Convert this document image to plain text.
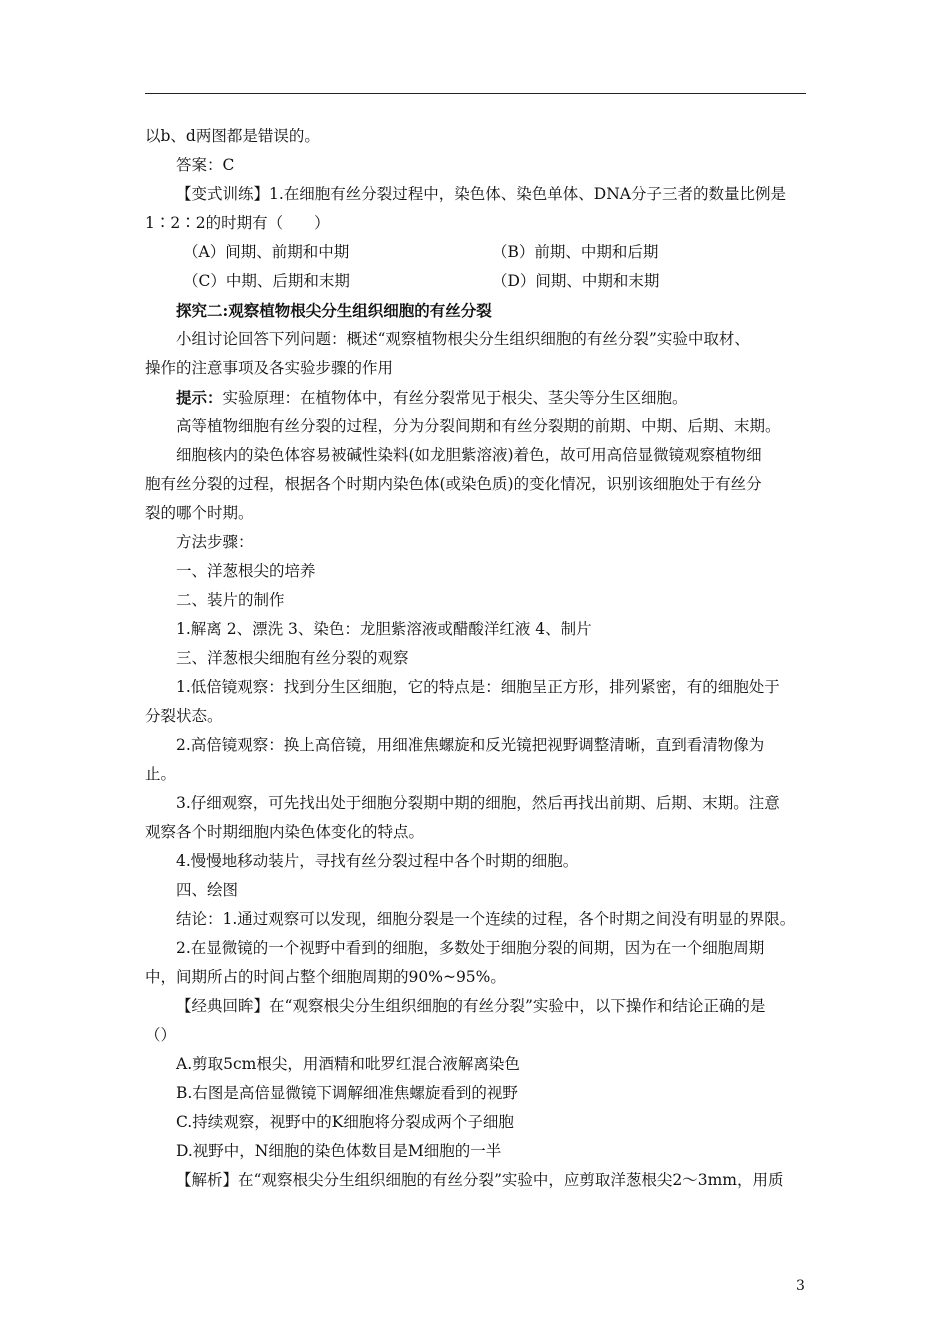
以b、d两图都是错误的。
答案：C
【变式训练】1.在细胞有丝分裂过程中，染色体、染色单体、DNA分子三者的数量比例是
1∶2∶2的时期有（　　）
（A）间期、前期和中期	（B）前期、中期和后期
（C）中期、后期和末期	（D）间期、中期和末期
探究二:观察植物根尖分生组织细胞的有丝分裂
小组讨论回答下列问题：概述“观察植物根尖分生组织细胞的有丝分裂”实验中取材、
操作的注意事项及各实验步骤的作用
提示：实验原理：在植物体中，有丝分裂常见于根尖、茎尖等分生区细胞。
高等植物细胞有丝分裂的过程，分为分裂间期和有丝分裂期的前期、中期、后期、末期。
细胞核内的染色体容易被碱性染料(如龙胆紫溶液)着色，故可用高倍显微镜观察植物细
胞有丝分裂的过程，根据各个时期内染色体(或染色质)的变化情况，识别该细胞处于有丝分
裂的哪个时期。
方法步骤：
一、洋葱根尖的培养
二、装片的制作
1.解离 2、漂洗 3、染色：龙胆紫溶液或醋酸洋红液 4、制片
三、洋葱根尖细胞有丝分裂的观察
1.低倍镜观察：找到分生区细胞，它的特点是：细胞呈正方形，排列紧密，有的细胞处于
分裂状态。
2.高倍镜观察：换上高倍镜，用细准焦螺旋和反光镜把视野调整清晰，直到看清物像为
止。
3.仔细观察，可先找出处于细胞分裂期中期的细胞，然后再找出前期、后期、末期。注意
观察各个时期细胞内染色体变化的特点。
4.慢慢地移动装片，寻找有丝分裂过程中各个时期的细胞。
四、绘图
结论：1.通过观察可以发现，细胞分裂是一个连续的过程，各个时期之间没有明显的界限。
2.在显微镜的一个视野中看到的细胞，多数处于细胞分裂的间期，因为在一个细胞周期
中，间期所占的时间占整个细胞周期的90%~95%。
【经典回眸】在“观察根尖分生组织细胞的有丝分裂”实验中，以下操作和结论正确的是
（）
A.剪取5cm根尖，用酒精和吡罗红混合液解离染色
B.右图是高倍显微镜下调解细准焦螺旋看到的视野
C.持续观察，视野中的K细胞将分裂成两个子细胞
D.视野中，N细胞的染色体数目是M细胞的一半
【解析】在“观察根尖分生组织细胞的有丝分裂”实验中，应剪取洋葱根尖2～3mm，用质
3
